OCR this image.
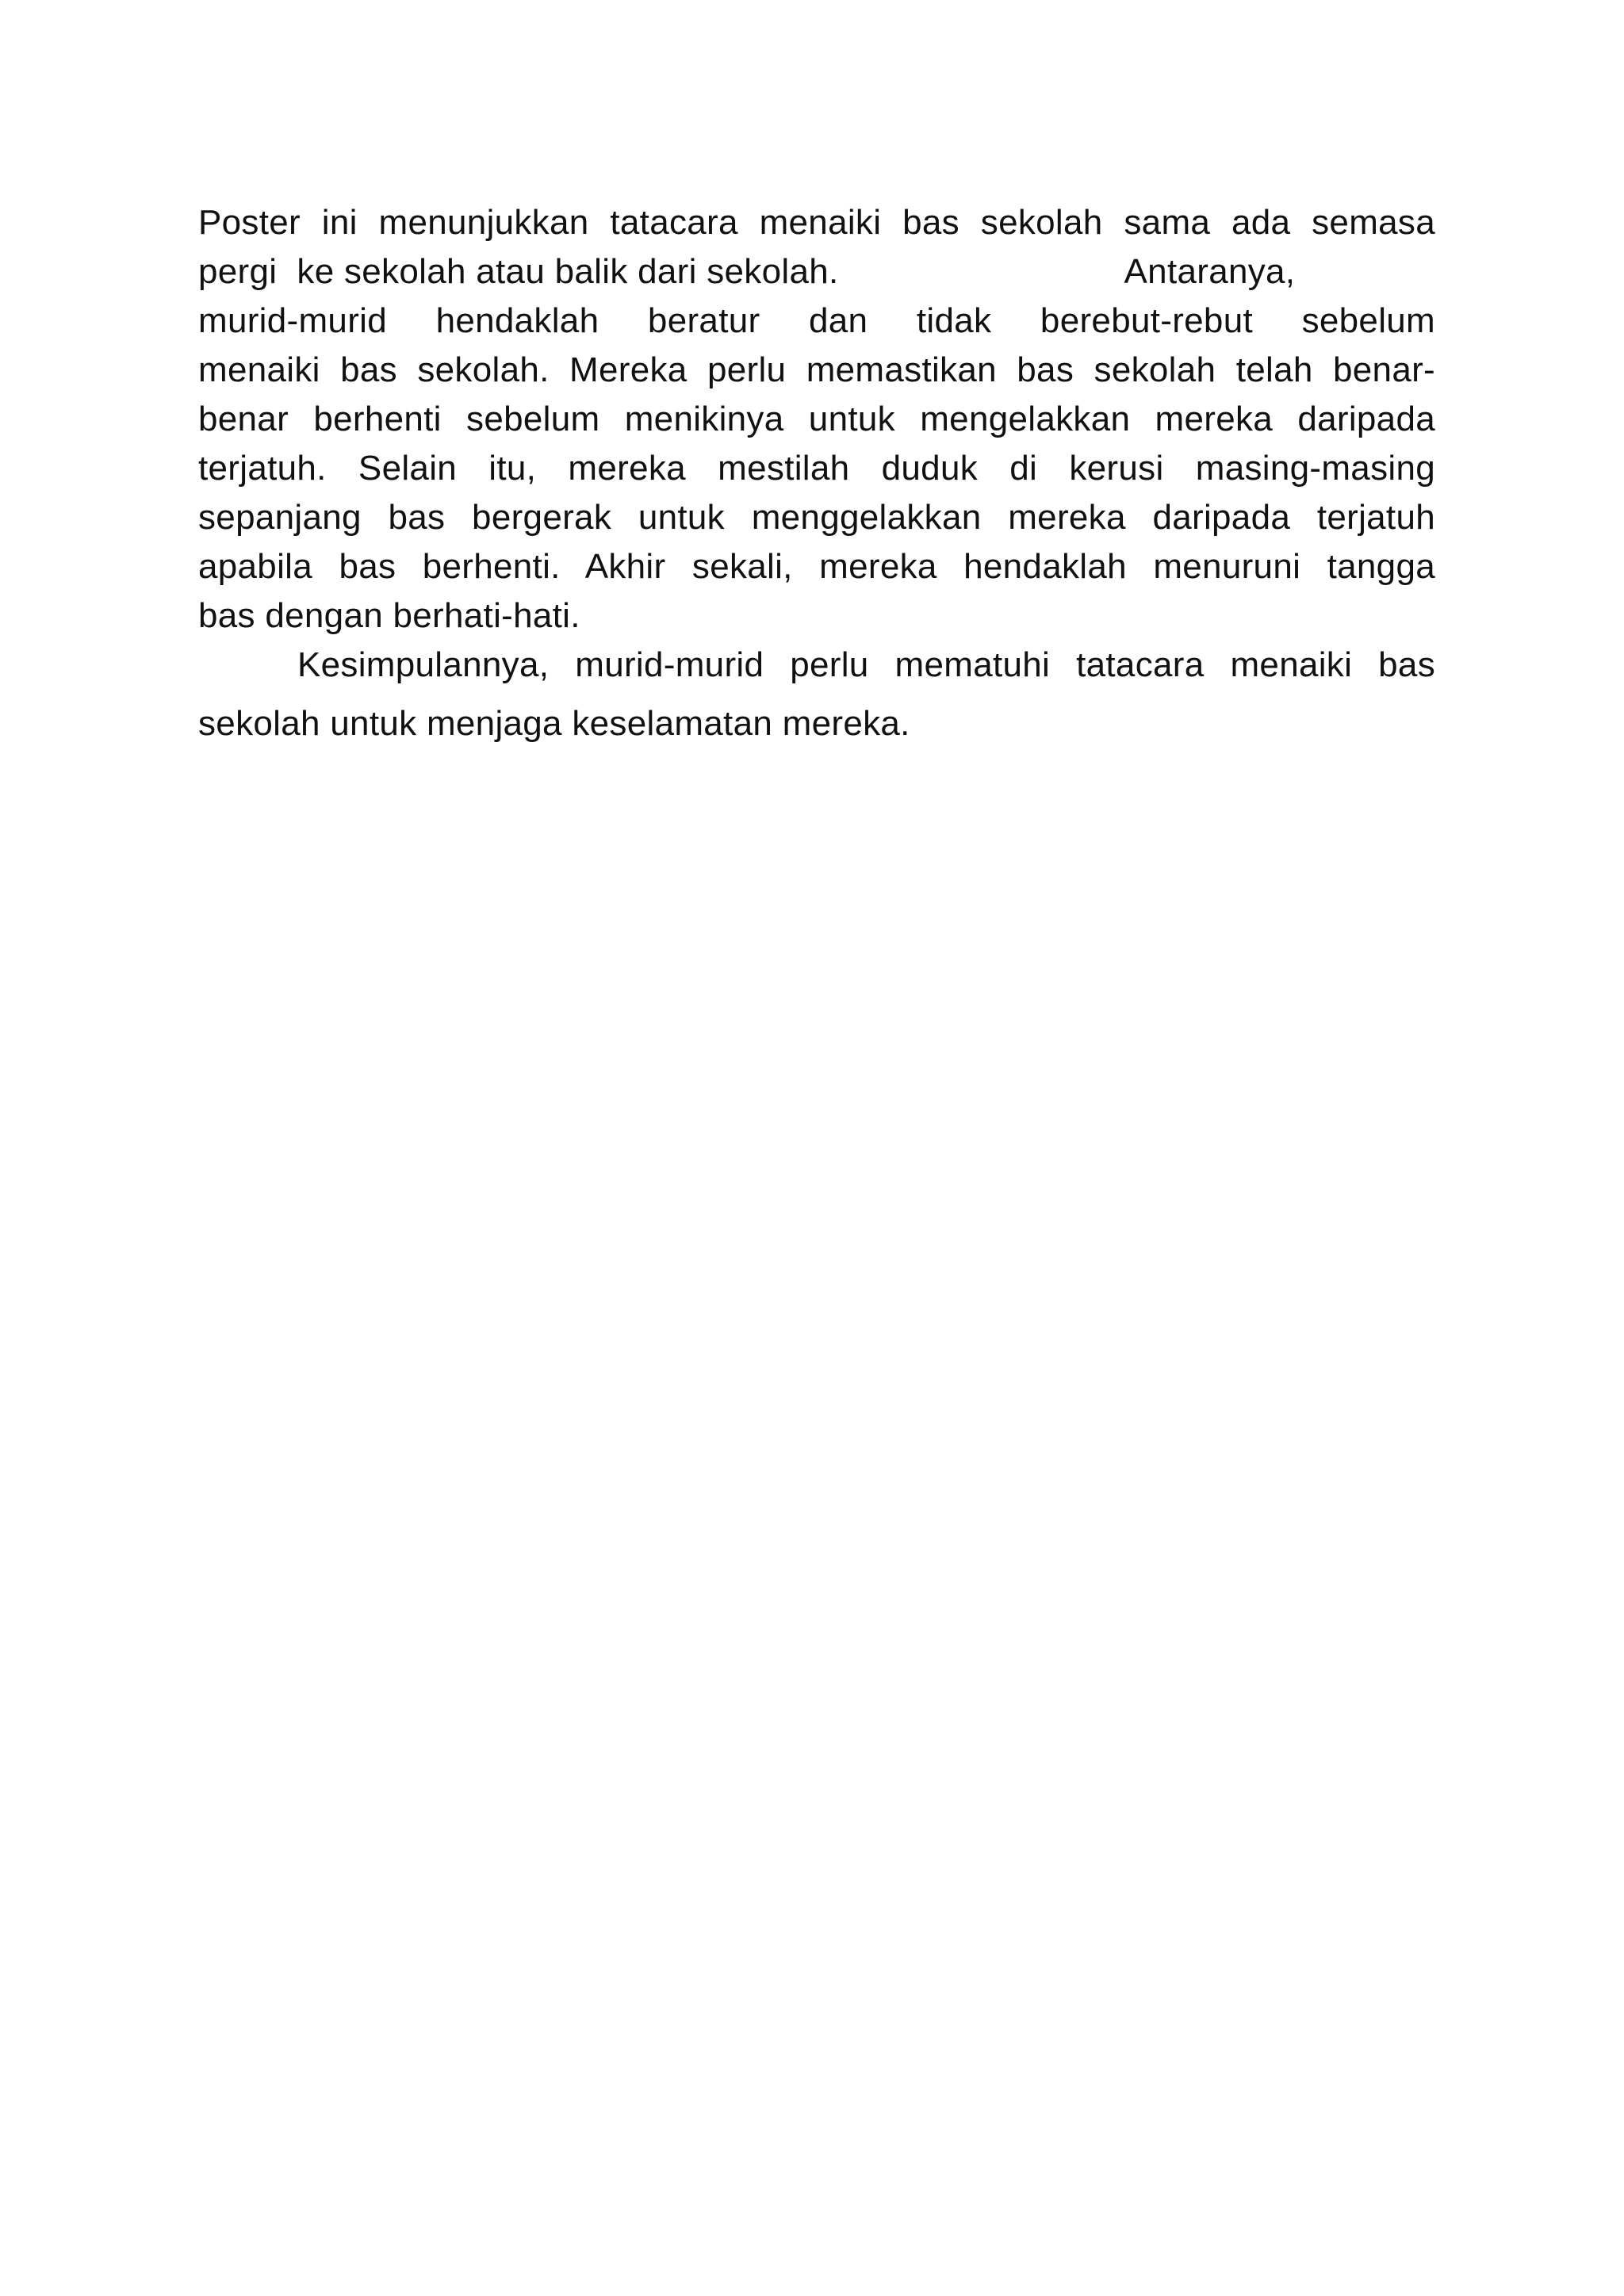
Poster ini menunjukkan tatacara menaiki bas sekolah sama ada semasa
pergi  ke sekolah atau balik dari sekolah.	Antaranya,
murid-murid hendaklah beratur dan tidak berebut-rebut sebelum
menaiki bas sekolah. Mereka perlu memastikan bas sekolah telah benar-
benar berhenti sebelum menikinya untuk mengelakkan mereka daripada
terjatuh. Selain itu, mereka mestilah duduk di kerusi masing-masing
sepanjang bas bergerak untuk menggelakkan mereka daripada terjatuh
apabila bas berhenti. Akhir sekali, mereka hendaklah menuruni tangga
bas dengan berhati-hati.
Kesimpulannya, murid-murid perlu mematuhi tatacara menaiki bas
sekolah untuk menjaga keselamatan mereka.
